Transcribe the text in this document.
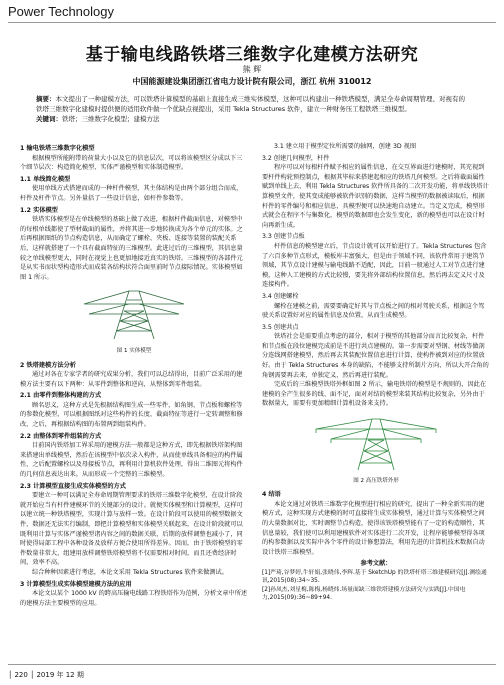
Power Technology
基于输电线路铁塔三维数字化建模方法研究
熊 辉
中国能源建设集团浙江省电力设计院有限公司，浙江 杭州 310012
摘要：本文提出了一种建模方法，可以铁塔计算模型的基础上直接生成三维实体模型，这种可以构建出一种铁塔模型，满足全寿命周期管理、对视有的铁塔三维数字化建模时提供便的适用软件做一个优缺点视提出，采用 Tekla Structures 软件，建立一种财务压工程铁塔三维模型。
关键词：铁塔；三维数字化模型；建模方法
1 输电铁塔三维数字化模型

根据模型所能附带的荷量大小以及它的信息层次，可以将该模型区分成以下三个细节层次：构造简化模型、实体严谨模型和实体制造模型。

1.1 单线简化模型

使用单线方式搭建而成的一种杆件模型，其主体结构是由两个部分组合而成，杆件及杆件节点。另外量括了一些设计信息，如杆件参数等。

1.2 实体模型

铁塔实体模型是在单线模型的基础上做了改进，根据杆件截面信息，对模型中的每根单线都使了型材截面的属性，并将其进一步地转换成为各个单元的实体。之后再根据图纸的节点构造信息，从而确定了螺栓、夹板、连接等装置的装配关系后，这样就搭建了一个具有截面特征的三维模型。此进过后的三维模型，其信息量较之单线模型更大，同时在视觉上也更加地接近真实的铁塔。三维模型的各部件元是从实书而状型构造形式而成装各结构状符合面里前时节点接际情况。实体模型如图 1 所示。

图 1 实体模型
2 铁塔建模方法分析

通过对各在专家学者的研究成果分析，我们可以总结得出，目前广泛采用的建模方法主要有以下两种：从零件到整体和逆向，从整体到零件组装。

2.1 由零件到整体构建的方式

顾名思义，这种方式是先根据结构图生成一些零件，如角钢、节点板和螺栓等的参数化模型，可以根据图纸对这些构件的长度、截面特征等进行一定转调整和修改，之后，再根据结构图的布置两到组装构件。

2.2 由整体到零件组装的方式

目前国内铁塔加工界采用的建模方法一般都是这种方式，即先根据铁塔架构图来搭建出单线模型，然后在该模型中依次录入构件，从而使单线具备相应的构件属性，之后配置螺栓以及母接板节点，再利用计算机软件处理，得出二维图元将构件的几何信息表达出来。从而形成一个完整的三维模型。

2.3 计算模型直接生成实体模型的方式

要建立一种可以满足全寿命周期管理要求的铁塔三维数字化模型，在设计阶段就开始应当有杆件建模环节的关键部分的设计。就便实体模型和计算模型，这样可以建立统一种铁塔模型，实现计算与放样一致。在设计阶段可以使用的模型数据文件，数据还无法实行编制，即把计算模型和实体模型关联起来，在设计阶段就可以既利用计算与实体严谨模型诸内容之间的数据关联，后期的放样调整也减小了，同时使得局部工程中各种设备及放样方便合使用所得差异。因而，由于铁塔模型的零件数量非常大，组建用放样调整铁塔模型将不仅需要相对时间，而且还费经济时间，效率不高。

综合种种因素进行考虑，本论文采用 Tekla Structures 软件来做测试。

3 计算模型生成实体模型建模方法的应用

本论文以某个 1000 kV 的跨高压输电线路工程铁塔作为范例，分析文章中所述的建模方法主要模型的应用。

3.1 建立用于模型定位所需要的轴网，创建 3D 视图

3.2 创建几何模型，杆件

程序可以对每根杆件赋予相应的属性信息，在交互界面进行建模时，其充视到要杆件构轮预控制点，根据其毕标来搭建起相应的铁塔几何模型。之后将截面属性赋到单线上去，利用 Tekla Structures 软件所具备的二次开发功能，将单线铁塔计算模型文件，使其变成能够被软件识别的数据，这样当模型的数据被读取后，根据杆件的零件编号和相应信息，具模型便可以快速地自动建立。当定义完成，模型形式就会在程序不与集数化，模型的数据即也会发生变化，新的模型也可以在设计时向再新生成。

3.3 创建节点板

杆件信息的模型建立后，节点设计就可以开始进行了。Tekla Structures 包含了六百多种节点形式，模板库丰富强大，但是由于领域不同，该软件常用于建筑节领域，其节点设计建模与输电线路不适配，因此，目前一般通过人工对节点进行建模，这种人工建模的方式比较慢，要先将外部结构位置信息，然后再去定义尺寸及连接构件。

3.4 创建螺栓

螺栓在建模之前，需要要确定好其与节点板之间的相对驾驶关系，根据这个驾驶关系设置好对应的属性信息及位置，从而生成模型。

3.5 创建共点

铁塔社会是需要重点考虑的部分，相对于模型的其他部分而言比较复杂，杆件和节点板在段位建模完成前是不进行共点建模的。第一步需要对型钢、材线等做剖分连线网搭建模型，然后再去其装配位置信息进行计算，使构件被到对应的位置放好。由于 Tekla Structures 本身的缺陷，不能够支持所制片方向，所以大开合角的角钢需要再去来，单独定义，然后再进行装配。

完成后的三维模型铁塔外框如图 2 所示，输电铁塔的模型是不规则的，因此在建模的全产生很多的线、面不足，面对对结的模型来装其结构比较复杂，另外由于数据量大，需要有更加精细计算机设备来支持。

图 2 高压铁塔外形
4 结语

本论文通过对铁塔三维数字化模型进行相应的研究，提出了一种全新实用的建模方式，这种实现方式建模的时可直接将生成实体模型，通过计算与实体模型之间的大量数据对比，实时调整节点构造，使得该铁塔模型能有了一定的构造顺性，其信息量较，我们使可以利用建模软件对实体进行二次开发，让程序能够模型得各项的构参数据以及实际中各个零件的设计修想算法，利用先进的计算机技术数据自动设计铁塔三维模型。

参考文献：
[1]严琦,谷梦婷,牛轩娟,张晓伟,李辉.基于 SketchUp 的铁塔杆塔三维建模研究[J].测绘通讯,2015(08):34~35.
[2]孙凤杰,刘星梅,陈梅,杨晓炜.场量面缺三维铁塔建模方法研究与实践[J].中国电力,2015(09):36~89+94.
│ 220 │ 2019 年 12 期
